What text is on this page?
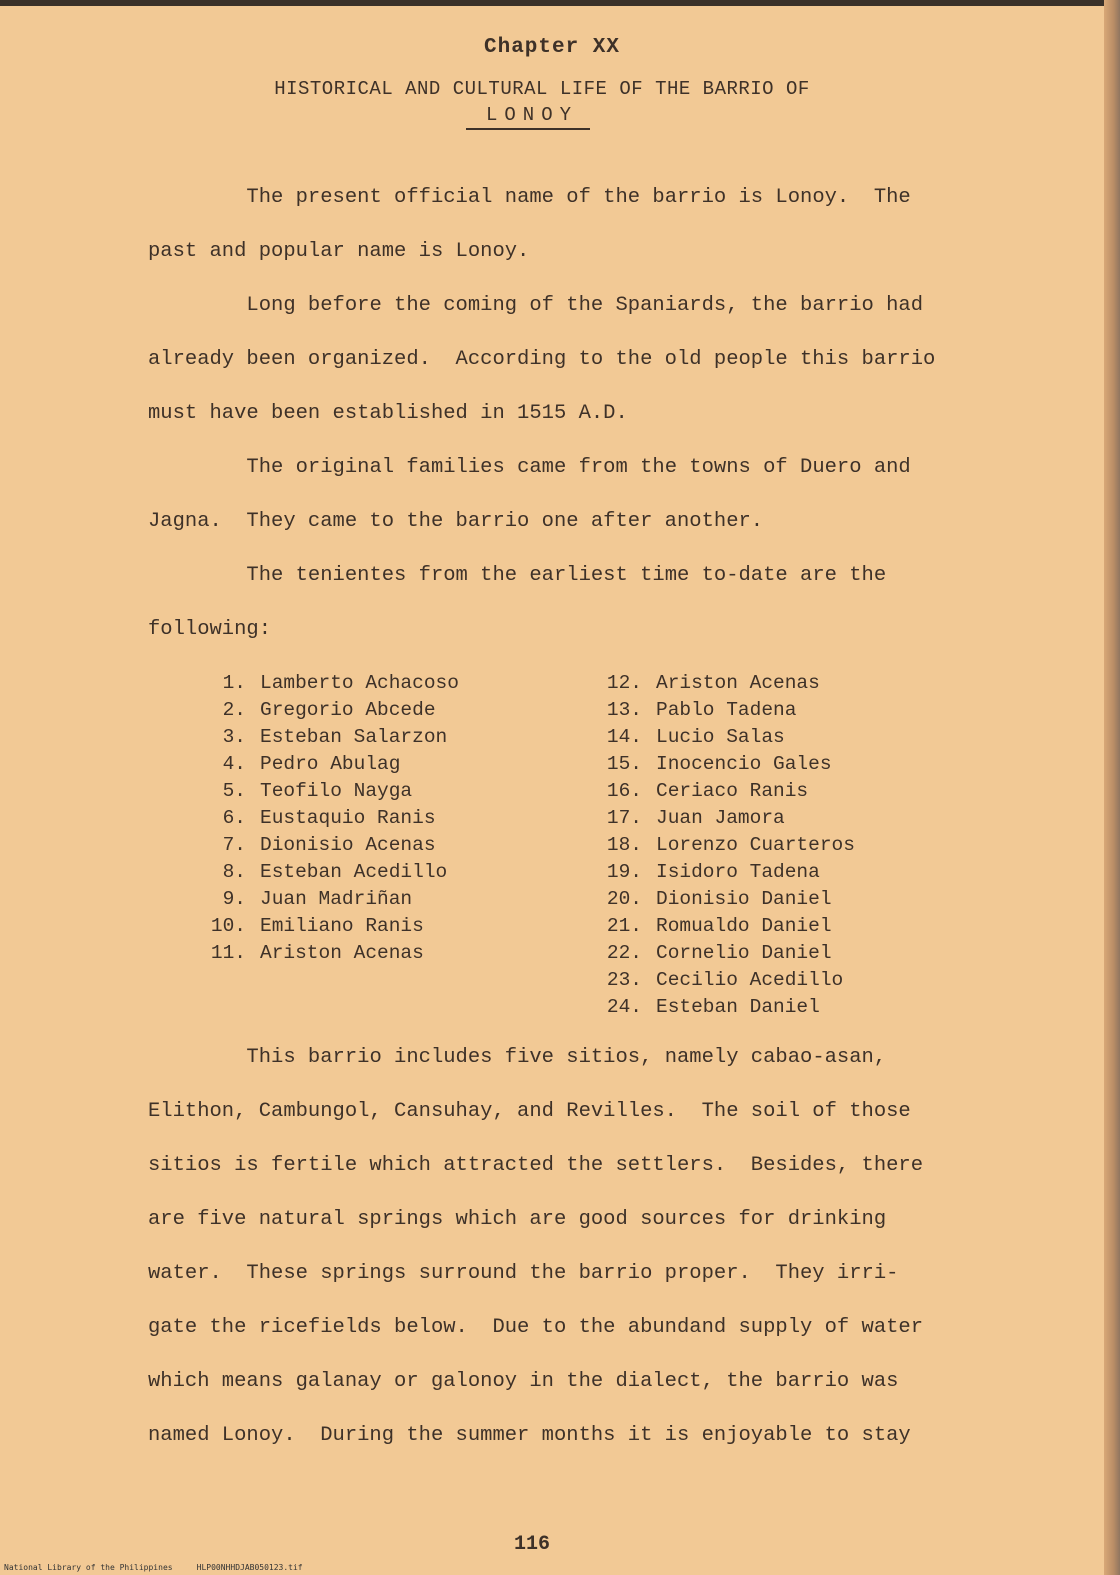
Chapter XX
HISTORICAL AND CULTURAL LIFE OF THE BARRIO OF
LONOY

The present official name of the barrio is Lonoy.  The
past and popular name is Lonoy.

Long before the coming of the Spaniards, the barrio had
already been organized.  According to the old people this barrio
must have been established in 1515 A.D.

The original families came from the towns of Duero and
Jagna.  They came to the barrio one after another.

The tenientes from the earliest time to-date are the
following:

1. Lamberto Achacoso
2. Gregorio Abcede
3. Esteban Salarzon
4. Pedro Abulag
5. Teofilo Nayga
6. Eustaquio Ranis
7. Dionisio Acenas
8. Esteban Acedillo
9. Juan Madriñan
10. Emiliano Ranis
11. Ariston Acenas
12. Ariston Acenas
13. Pablo Tadena
14. Lucio Salas
15. Inocencio Gales
16. Ceriaco Ranis
17. Juan Jamora
18. Lorenzo Cuarteros
19. Isidoro Tadena
20. Dionisio Daniel
21. Romualdo Daniel
22. Cornelio Daniel
23. Cecilio Acedillo
24. Esteban Daniel

This barrio includes five sitios, namely cabao-asan,
Elithon, Cambungol, Cansuhay, and Revilles.  The soil of those
sitios is fertile which attracted the settlers.  Besides, there
are five natural springs which are good sources for drinking
water.  These springs surround the barrio proper.  They irri-
gate the ricefields below.  Due to the abundand supply of water
which means galanay or galonoy in the dialect, the barrio was
named Lonoy.  During the summer months it is enjoyable to stay

116
National Library of the Philippines     HLP00NHHDJAB050123.tif
